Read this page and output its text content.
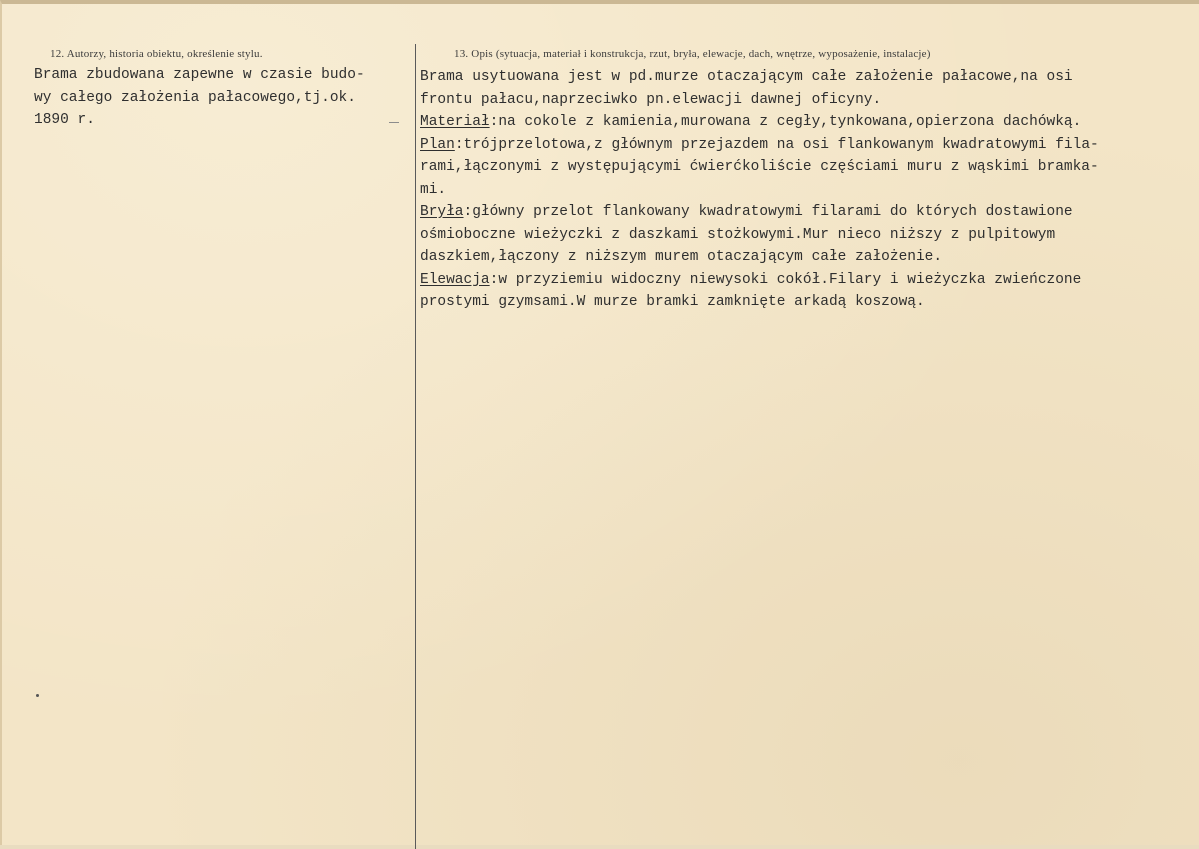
12. Autorzy, historia obiektu, określenie stylu.	13. Opis (sytuacja, materiał i konstrukcja, rzut, bryła, elewacje, dach, wnętrze, wyposażenie, instalacje)
Brama zbudowana zapewne w czasie budo-
wy całego założenia pałacowego,tj.ok.
1890 r.
Brama usytuowana jest w pd.murze otaczającym całe założenie pałacowe,na osi
frontu pałacu,naprzeciwko pn.elewacji dawnej oficyny.
Materiał:na cokole z kamienia,murowana z cegły,tynkowana,opierzona dachówką.
Plan:trójprzelotowa,z głównym przejazdem na osi flankowanym kwadratowymi fila-
rami,łączonymi z występującymi ćwierćkoliście częściami muru z wąskimi bramka-
mi.
Bryła:główny przelot flankowany kwadratowymi filarami do których dostawione
ośmioboczne wieżyczki z daszkami stożkowymi.Mur nieco niższy z pulpitowym
daszkiem,łączony z niższym murem otaczającym całe założenie.
Elewacja:w przyziemiu widoczny niewysoki cokół.Filary i wieżyczka zwieńczone
prostymi gzymsami.W murze bramki zamknięte arkadą koszową.
